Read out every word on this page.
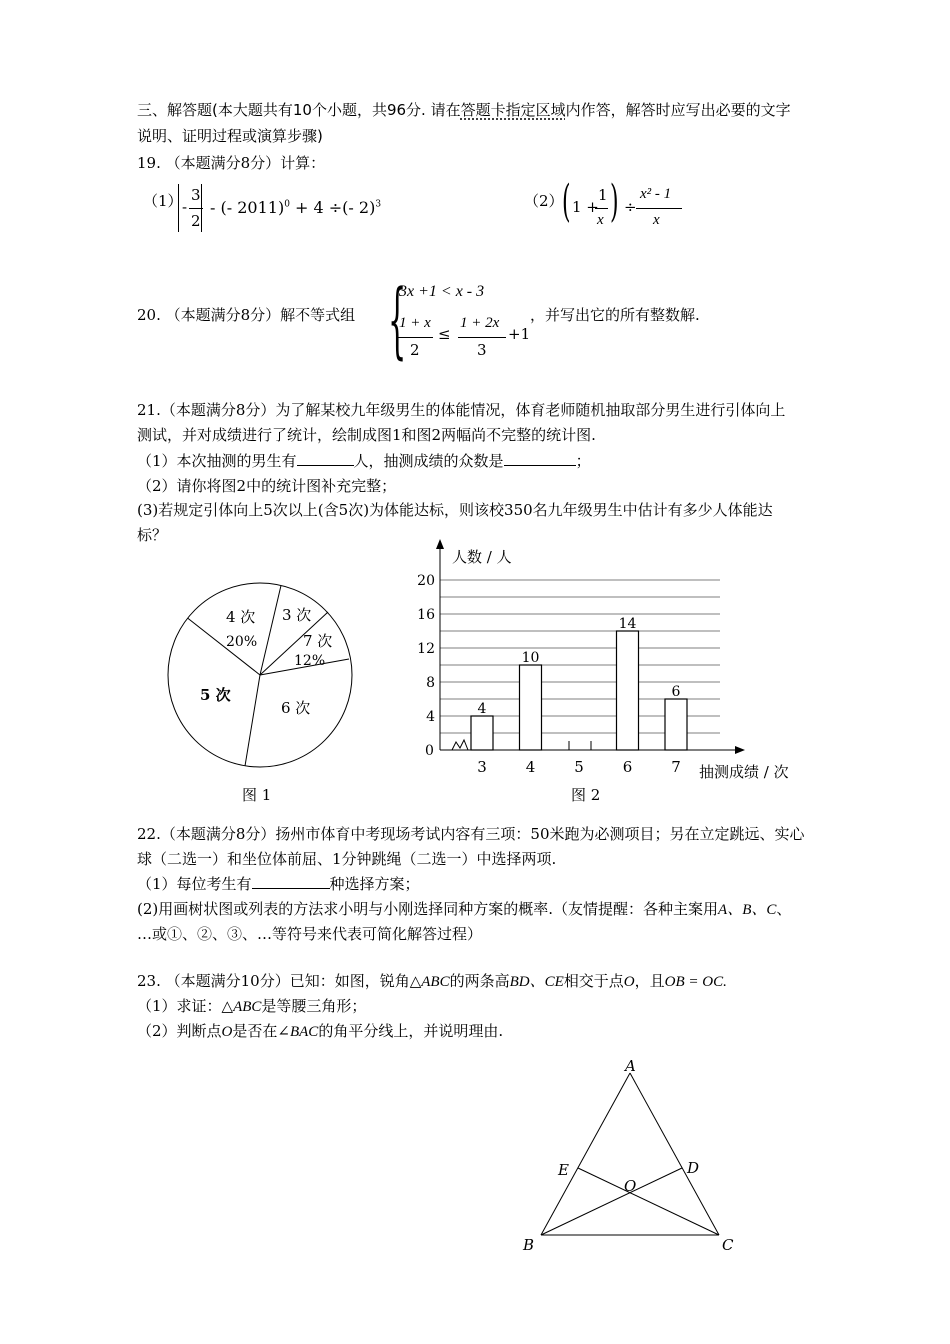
三、解答题(本大题共有10个小题，共96分. 请在答题卡指定区域内作答，解答时应写出必要的文字
说明、证明过程或演算步骤)
19. （本题满分8分）计算：
（1） -
3
2
- (- 2011)$^0$ + 4 ÷(- 2)$^3$	（2）
( 1 +
1
x ) ÷
x² - 1
x
20. （本题满分8分）解不等式组 {
3x +1 < x - 3
1 + x
2
≤
1 + 2x
3
+1
，并写出它的所有整数解.
21.（本题满分8分）为了解某校九年级男生的体能情况，体育老师随机抽取部分男生进行引体向上
测试，并对成绩进行了统计，绘制成图1和图2两幅尚不完整的统计图.
（1）本次抽测的男生有	人，抽测成绩的众数是	；
（2）请你将图2中的统计图补充完整；
(3)若规定引体向上5次以上(含5次)为体能达标，则该校350名九年级男生中估计有多少人体能达
标？
4 次
20%
3 次
7 次
12%
5 次
6 次
图 1
4
10
14
6
3	4	5	6	7
4
8
12
16
20
人数 / 人
抽测成绩 / 次
0
图 2
22.（本题满分8分）扬州市体育中考现场考试内容有三项：50米跑为必测项目；另在立定跳远、实心
球（二选一）和坐位体前屈、1分钟跳绳（二选一）中选择两项.
（1）每位考生有	种选择方案；
(2)用画树状图或列表的方法求小明与小刚选择同种方案的概率.（友情提醒：各种主案用A、B、C、
…或①、②、③、…等符号来代表可简化解答过程）
23. （本题满分10分）已知：如图，锐角△ABC的两条高BD、CE相交于点O，且OB = OC.
（1）求证：△ABC是等腰三角形；
（2）判断点O是否在∠BAC的角平分线上，并说明理由.
A
B	C
D
E
O
